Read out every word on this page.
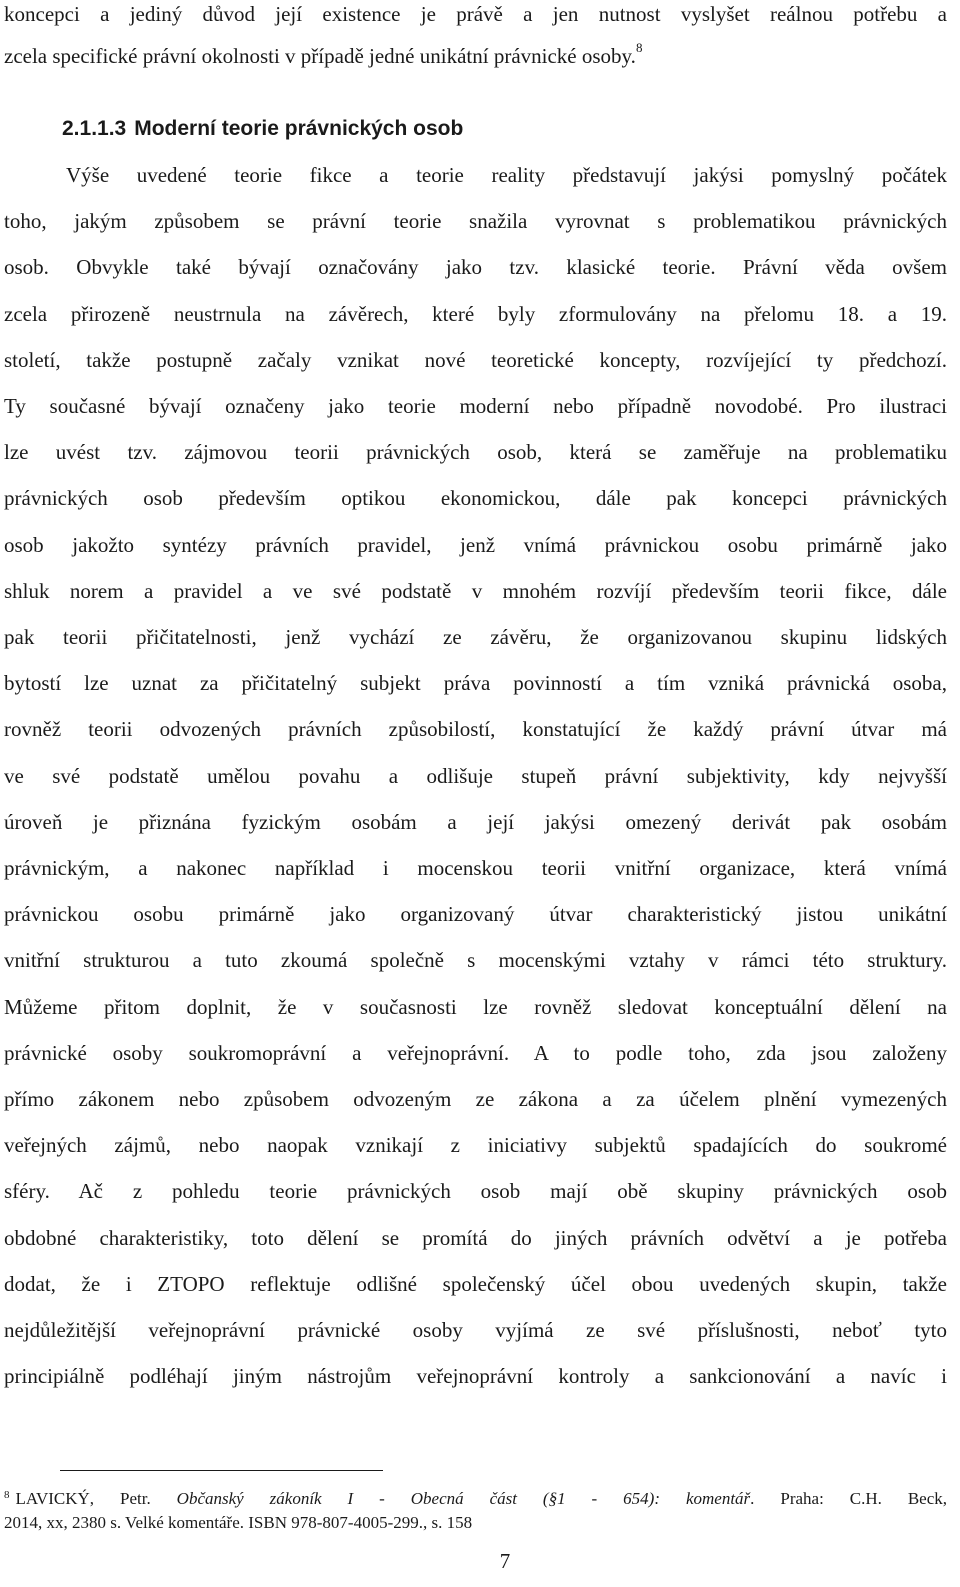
koncepci a jediný důvod její existence je právě a jen nutnost vyslyšet reálnou potřebu a
zcela specifické právní okolnosti v případě jedné unikátní právnické osoby.$^8$
2.1.1.3 Moderní teorie právnických osob
Výše uvedené teorie fikce a teorie reality představují jakýsi pomyslný počátek
toho, jakým způsobem se právní teorie snažila vyrovnat s problematikou právnických
osob. Obvykle také bývají označovány jako tzv. klasické teorie. Právní věda ovšem
zcela přirozeně neustrnula na závěrech, které byly zformulovány na přelomu 18. a 19.
století, takže postupně začaly vznikat nové teoretické koncepty, rozvíjející ty předchozí.
Ty současné bývají označeny jako teorie moderní nebo případně novodobé. Pro ilustraci
lze uvést tzv. zájmovou teorii právnických osob, která se zaměřuje na problematiku
právnických osob především optikou ekonomickou, dále pak koncepci právnických
osob jakožto syntézy právních pravidel, jenž vnímá právnickou osobu primárně jako
shluk norem a pravidel a ve své podstatě v mnohém rozvíjí především teorii fikce, dále
pak teorii přičitatelnosti, jenž vychází ze závěru, že organizovanou skupinu lidských
bytostí lze uznat za přičitatelný subjekt práva povinností a tím vzniká právnická osoba,
rovněž teorii odvozených právních způsobilostí, konstatující že každý právní útvar má
ve své podstatě umělou povahu a odlišuje stupeň právní subjektivity, kdy nejvyšší
úroveň je přiznána fyzickým osobám a její jakýsi omezený derivát pak osobám
právnickým, a nakonec například i mocenskou teorii vnitřní organizace, která vnímá
právnickou osobu primárně jako organizovaný útvar charakteristický jistou unikátní
vnitřní strukturou a tuto zkoumá společně s mocenskými vztahy v rámci této struktury.
Můžeme přitom doplnit, že v současnosti lze rovněž sledovat konceptuální dělení na
právnické osoby soukromoprávní a veřejnoprávní. A to podle toho, zda jsou založeny
přímo zákonem nebo způsobem odvozeným ze zákona a za účelem plnění vymezených
veřejných zájmů, nebo naopak vznikají z iniciativy subjektů spadajících do soukromé
sféry. Ač z pohledu teorie právnických osob mají obě skupiny právnických osob
obdobné charakteristiky, toto dělení se promítá do jiných právních odvětví a je potřeba
dodat, že i ZTOPO reflektuje odlišné společenský účel obou uvedených skupin, takže
nejdůležitější veřejnoprávní právnické osoby vyjímá ze své příslušnosti, neboť tyto
principiálně podléhají jiným nástrojům veřejnoprávní kontroly a sankcionování a navíc i
$^8$ LAVICKÝ, Petr. Občanský zákoník I - Obecná část (§1 - 654): komentář. Praha: C.H. Beck,
2014, xx, 2380 s. Velké komentáře. ISBN 978-807-4005-299., s. 158
7
